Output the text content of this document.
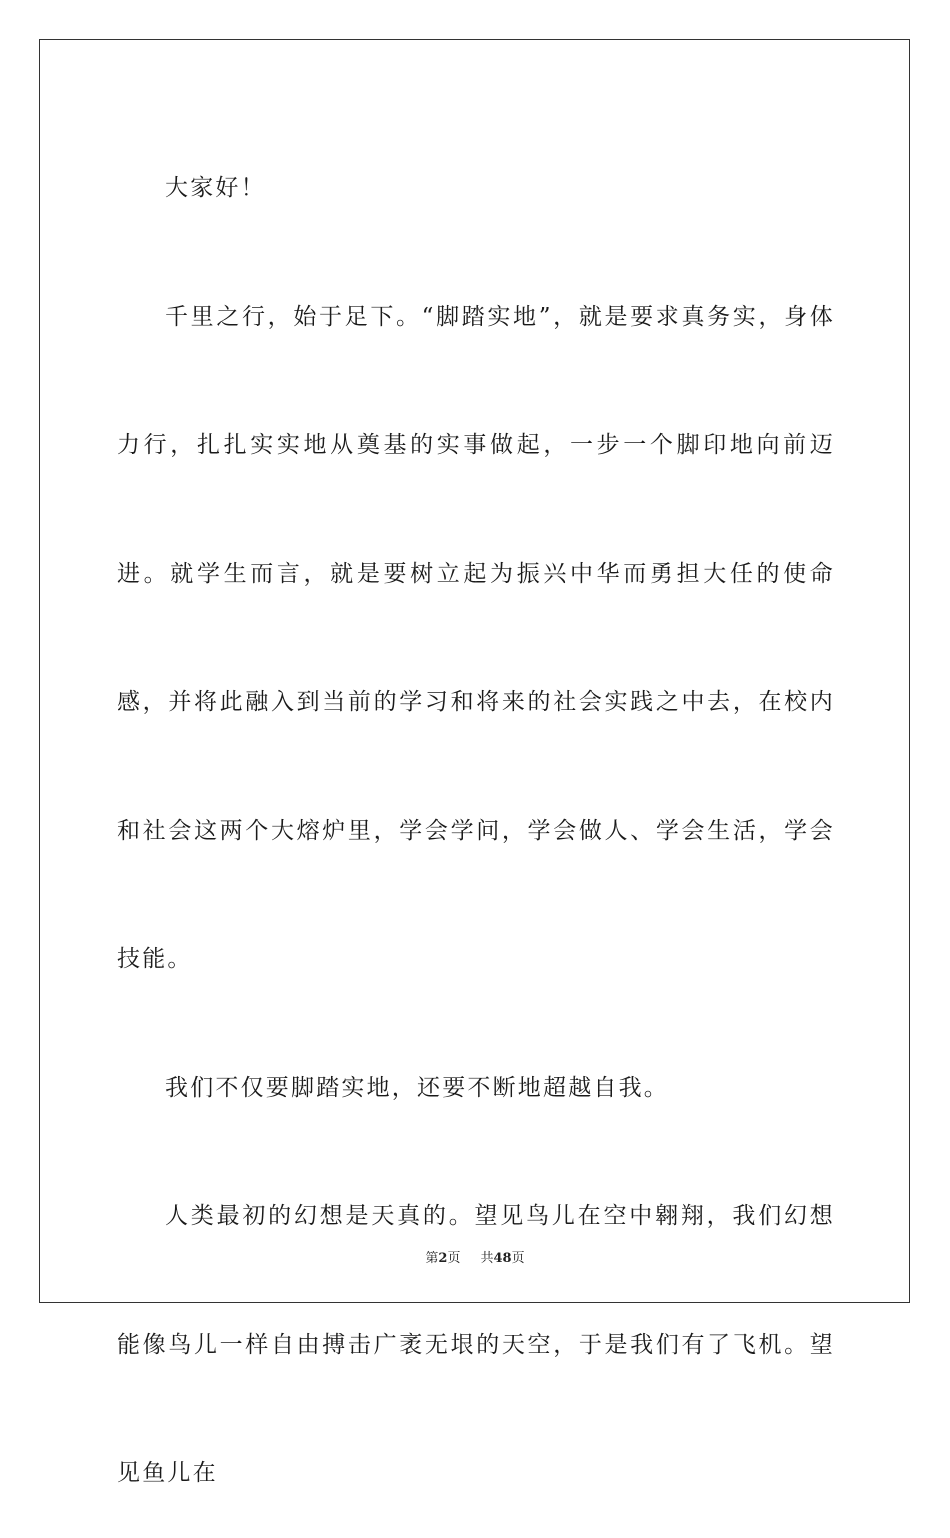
大家好！

千里之行，始于足下。“脚踏实地”，就是要求真务实，身体力行，扎扎实实地从奠基的实事做起，一步一个脚印地向前迈进。就学生而言，就是要树立起为振兴中华而勇担大任的使命感，并将此融入到当前的学习和将来的社会实践之中去，在校内和社会这两个大熔炉里，学会学问，学会做人、学会生活，学会技能。

我们不仅要脚踏实地，还要不断地超越自我。

人类最初的幻想是天真的。望见鸟儿在空中翱翔，我们幻想能像鸟儿一样自由搏击广袤无垠的天空，于是我们有了飞机。望见鱼儿在

第2页 共48页
